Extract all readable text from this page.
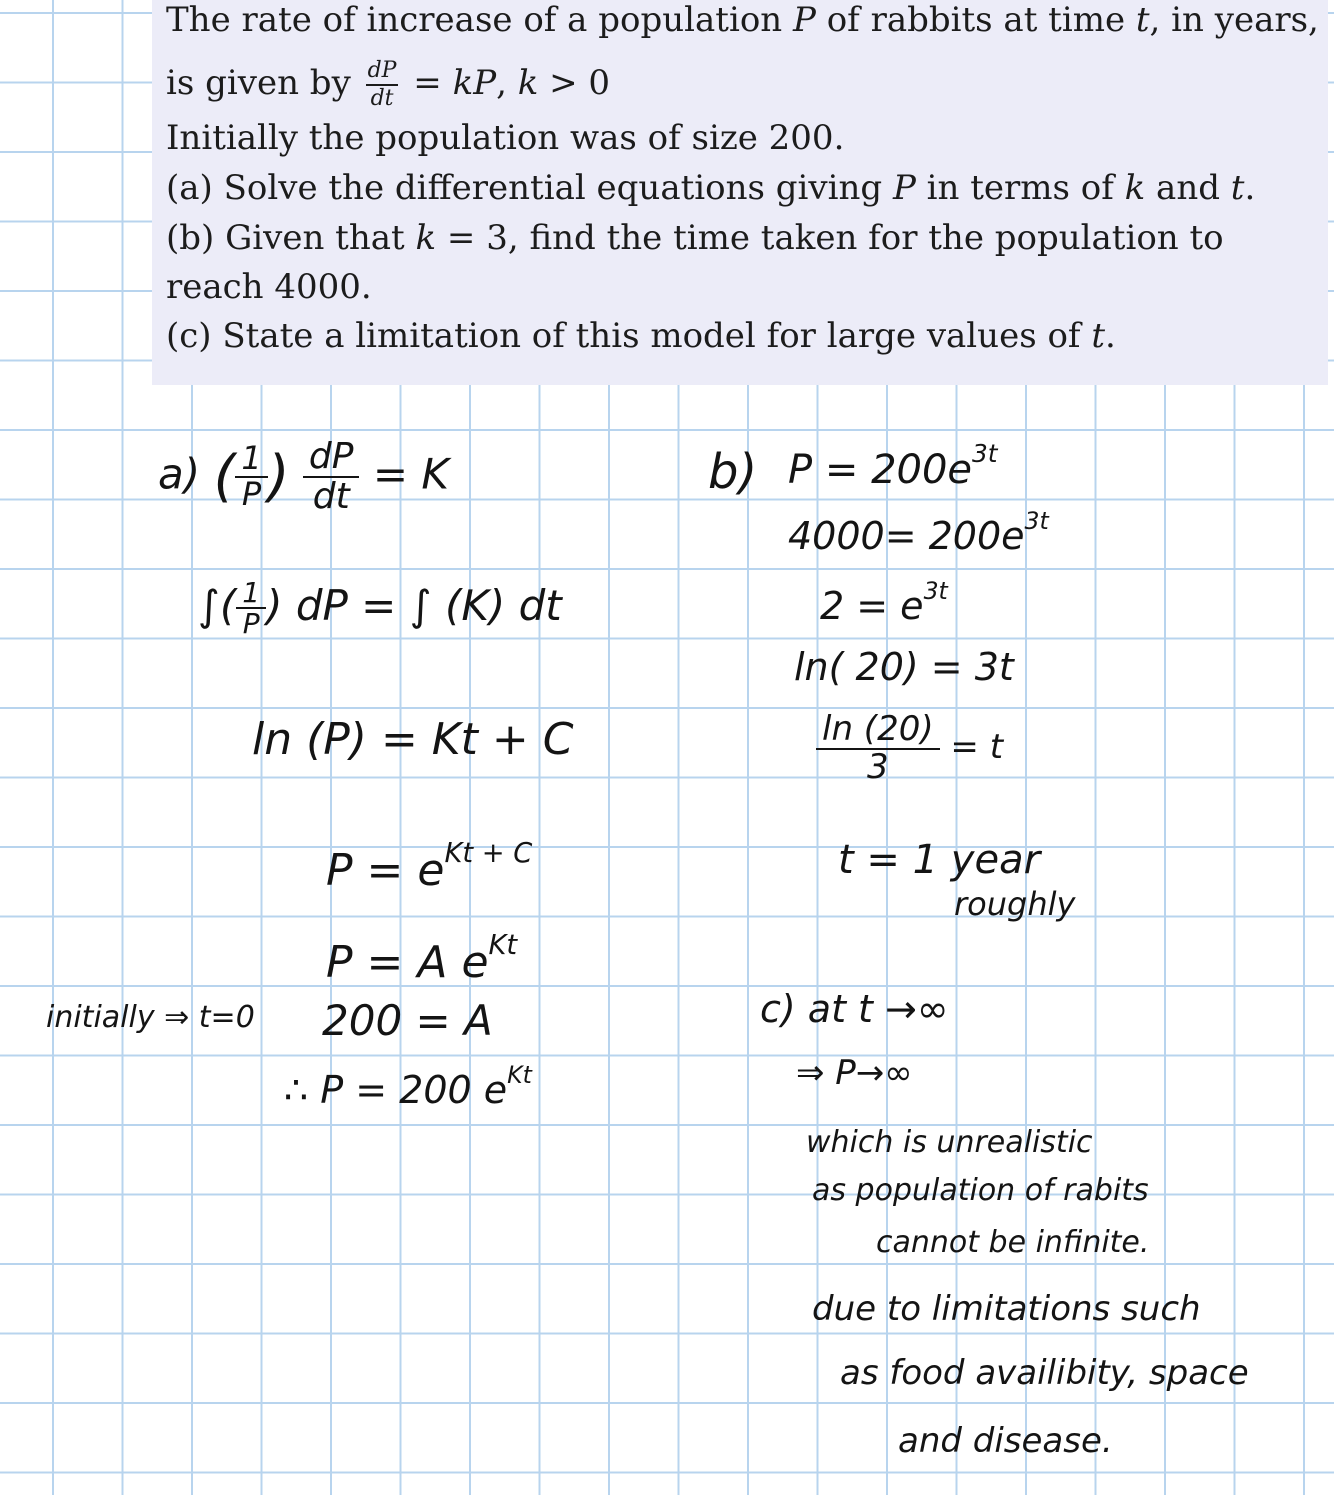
The rate of increase of a population P of rabbits at time t, in years,
is given by $\frac{dP}{dt}$ = kP, k > 0
Initially the population was of size 200.
(a) Solve the differential equations giving P in terms of k and t.
(b) Given that k = 3, find the time taken for the population to
reach 4000.
(c) State a limitation of this model for large values of t.
a) ( $\frac{1}{P}$ ) $\frac{dP}{dt} = K$
∫( $\frac{1}{P}$ ) dP = ∫ (K) dt
ln (P) = Kt + C
$P = e^{Kt + C}$
P = A $e^{Kt}$
initially ⇒ t=0 200 = A
∴ P = 200 $e^{Kt}$
b) $P = 200e^{3t}$
$4000= 200e^{3t}$
$2 = e^{3t}$
ln( 20) = 3t
$\frac{\ln (20)}{3} = t$
t = 1 year
roughly
c) at t →∞
⇒ P→∞
which is unrealistic
as population of rabits
cannot be infinite.
due to limitations such
as food availibity, space
and disease.
